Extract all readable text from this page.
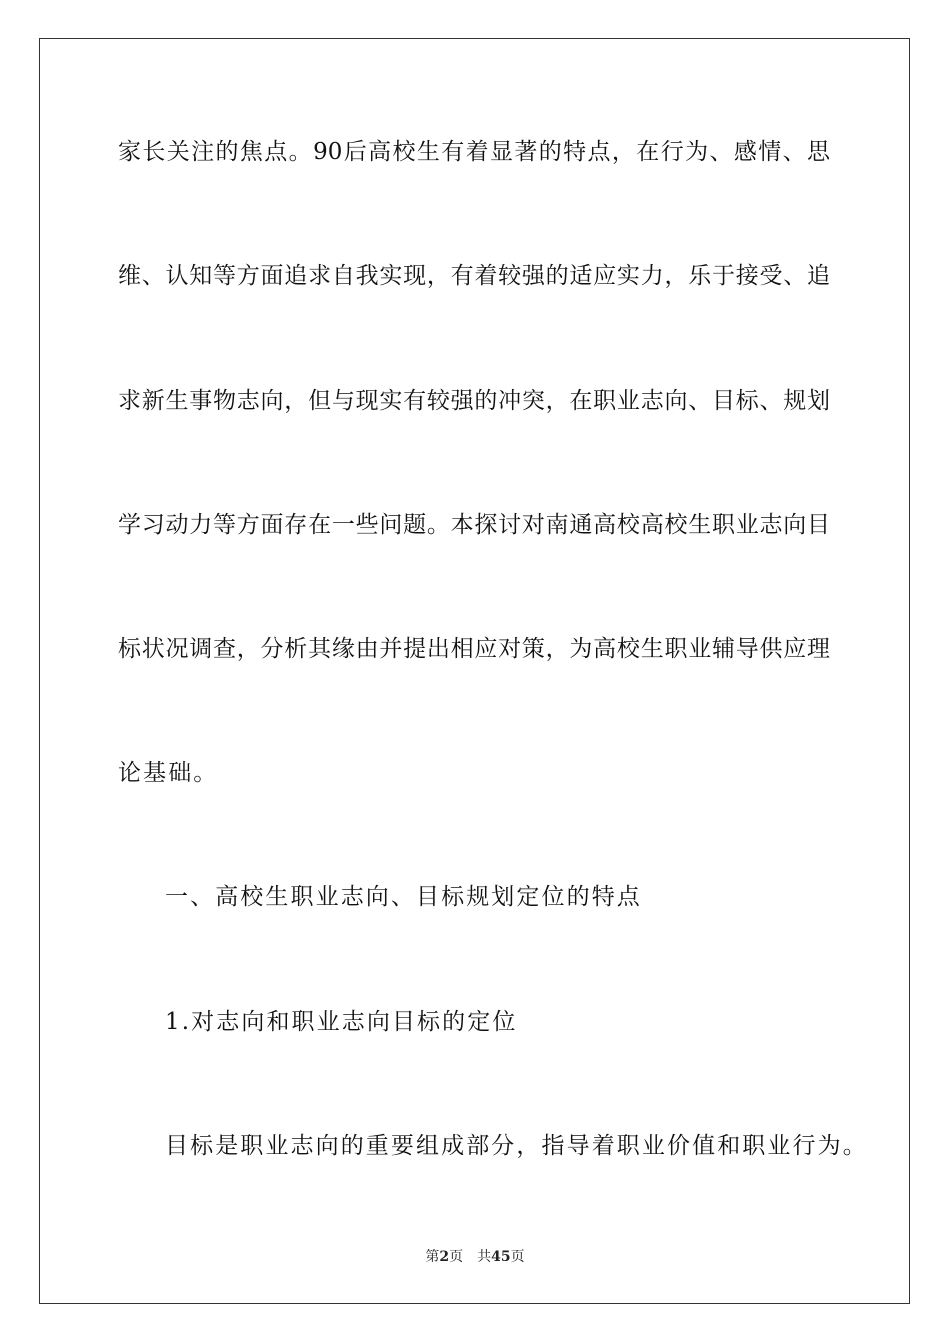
家长关注的焦点。90后高校生有着显著的特点，在行为、感情、思
维、认知等方面追求自我实现，有着较强的适应实力，乐于接受、追
求新生事物志向，但与现实有较强的冲突，在职业志向、目标、规划
学习动力等方面存在一些问题。本探讨对南通高校高校生职业志向目
标状况调查，分析其缘由并提出相应对策，为高校生职业辅导供应理
论基础。
一、高校生职业志向、目标规划定位的特点
1.对志向和职业志向目标的定位
目标是职业志向的重要组成部分，指导着职业价值和职业行为。
第2页 共45页
